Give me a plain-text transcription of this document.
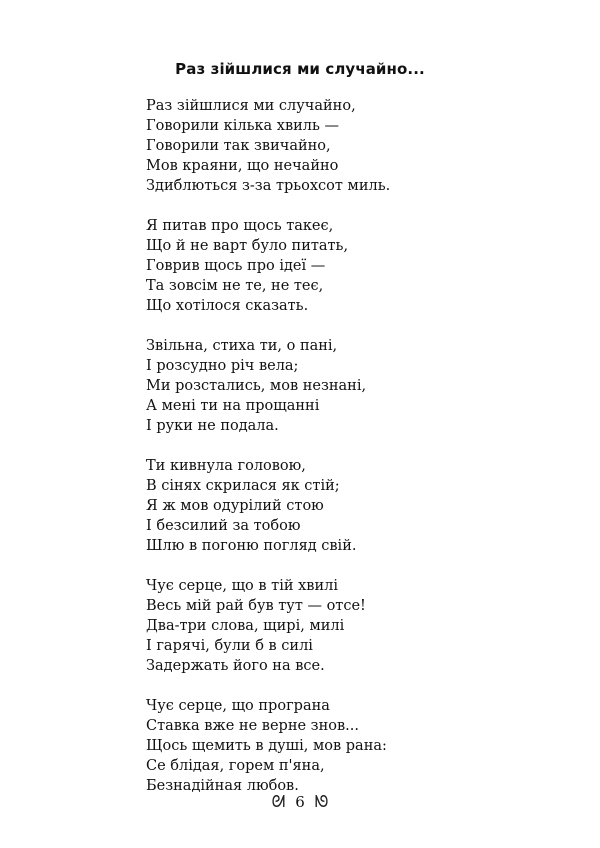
Раз зійшлися ми случайно...
Раз зійшлися ми случайно,
Говорили кілька хвиль —
Говорили так звичайно,
Мов краяни, що нечайно
Здиблються з-за трьохсот миль.
Я питав про щось такеє,
Що й не варт було питать,
Говрив щось про ідеї —
Та зовсім не те, не теє,
Що хотілося сказать.
Звільна, стиха ти, о пані,
І розсудно річ вела;
Ми розстались, мов незнані,
А мені ти на прощанні
І руки не подала.
Ти кивнула головою,
В сінях скрилася як стій;
Я ж мов одурілий стою
І безсилий за тобою
Шлю в погоню погляд свій.
Чує серце, що в тій хвилі
Весь мій рай був тут — отсе!
Два-три слова, щирі, милі
І гарячі, були б в силі
Задержать його на все.
Чує серце, що програна
Ставка вже не верне знов...
Щось щемить в душі, мов рана:
Се блідая, горем п'яна,
Безнадійная любов.
ᘛ 6 ᘚ
